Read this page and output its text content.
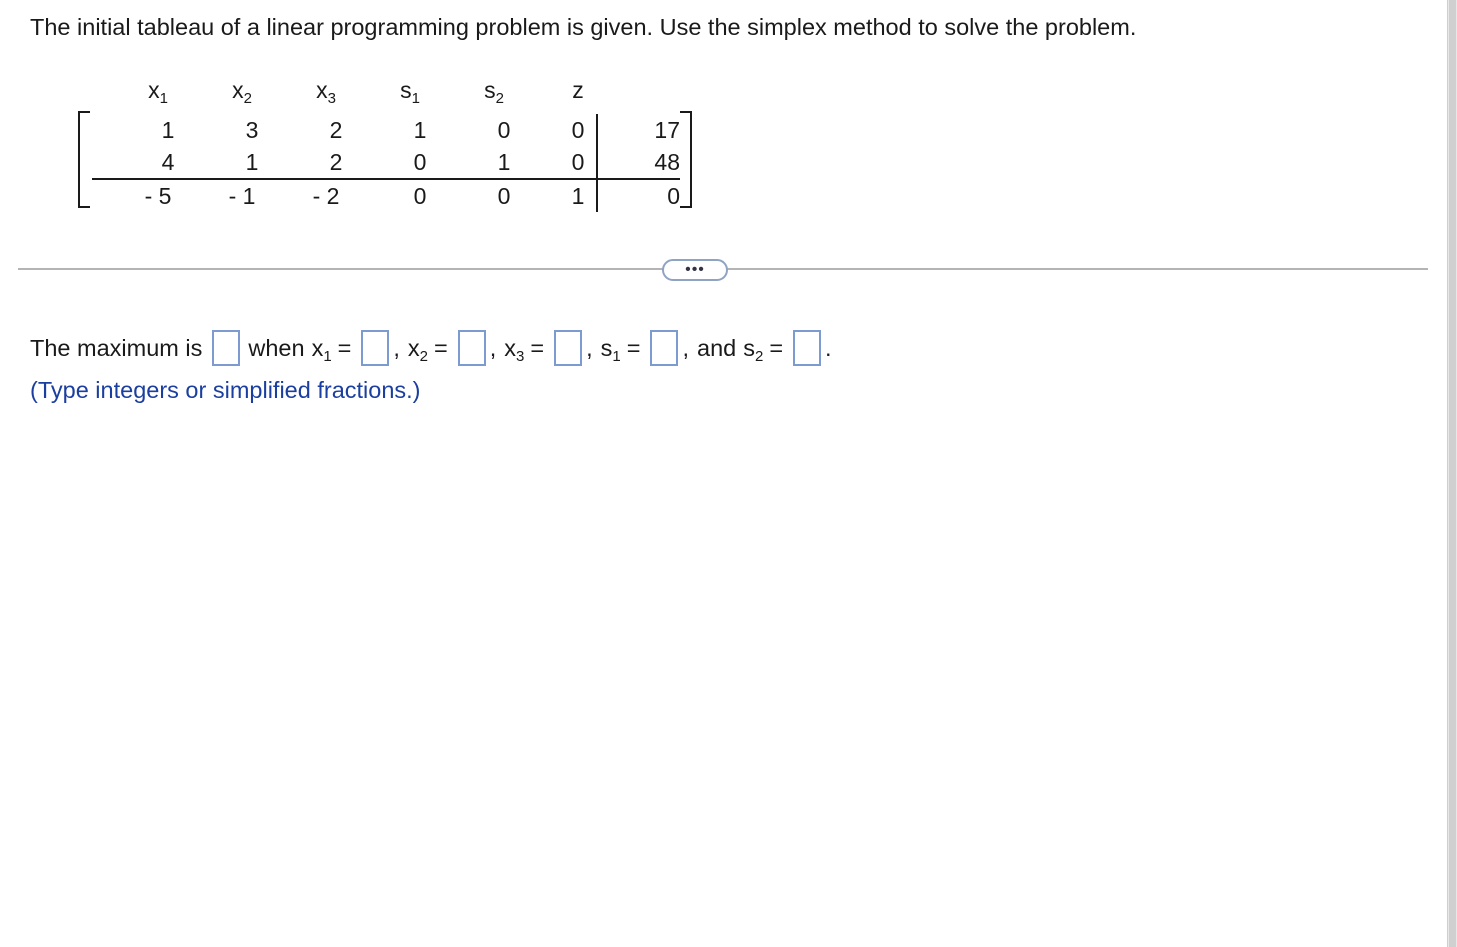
The initial tableau of a linear programming problem is given. Use the simplex method to solve the problem.
$x_1$	$x_2$	$x_3$	$s_1$	$s_2$	z
1	3	2	1	0	0	17
4	1	2	0	1	0	48
- 5	- 1	- 2	0	0	1	0
•••
The maximum is when $x_1$ = , $x_2$ = , $x_3$ = , $s_1$ = , and $s_2$ = .
(Type integers or simplified fractions.)
